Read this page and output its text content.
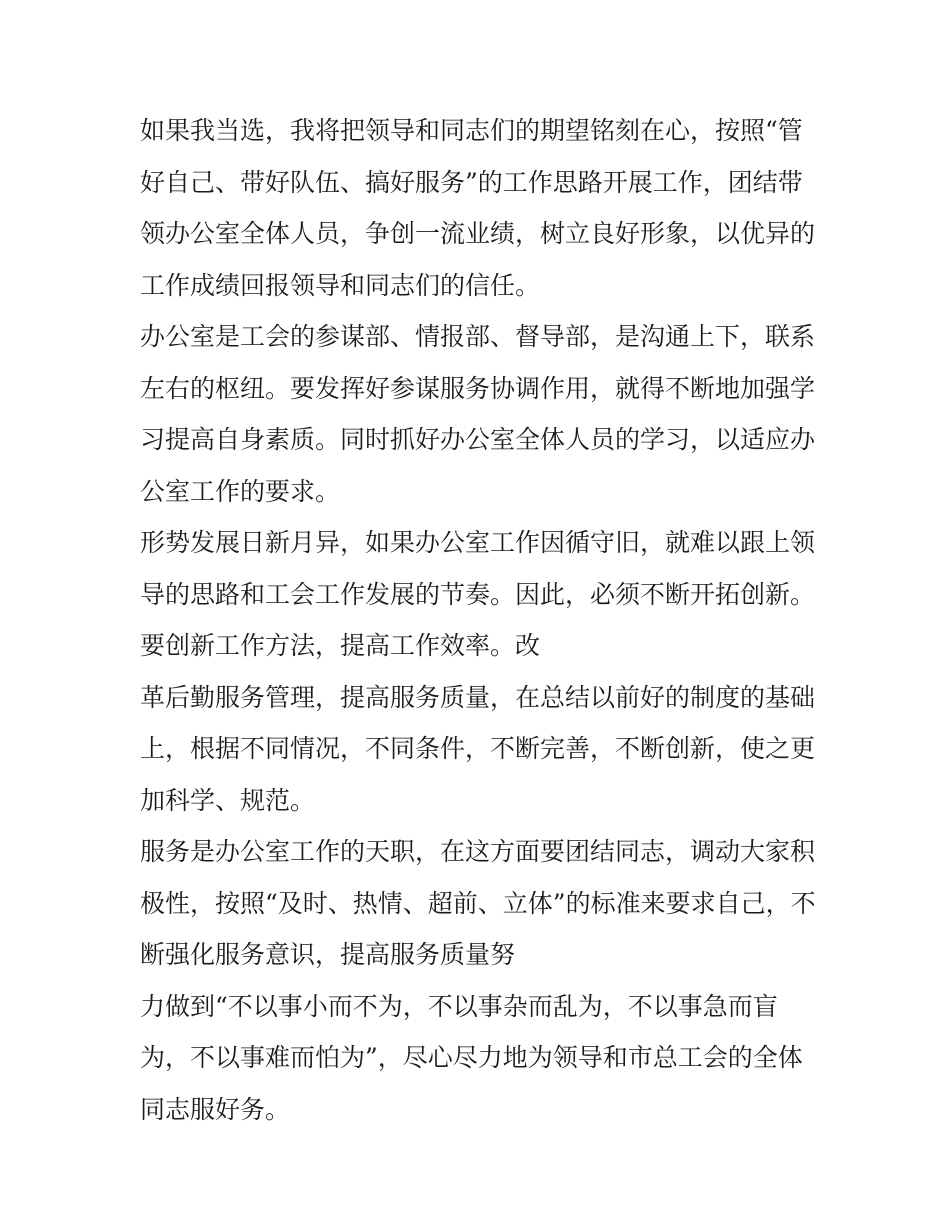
如果我当选，我将把领导和同志们的期望铭刻在心，按照“管
好自己、带好队伍、搞好服务”的工作思路开展工作，团结带
领办公室全体人员，争创一流业绩，树立良好形象，以优异的
工作成绩回报领导和同志们的信任。
办公室是工会的参谋部、情报部、督导部，是沟通上下，联系
左右的枢纽。要发挥好参谋服务协调作用，就得不断地加强学
习提高自身素质。同时抓好办公室全体人员的学习，以适应办
公室工作的要求。
形势发展日新月异，如果办公室工作因循守旧，就难以跟上领
导的思路和工会工作发展的节奏。因此，必须不断开拓创新。
要创新工作方法，提高工作效率。改
革后勤服务管理，提高服务质量，在总结以前好的制度的基础
上，根据不同情况，不同条件，不断完善，不断创新，使之更
加科学、规范。
服务是办公室工作的天职，在这方面要团结同志，调动大家积
极性，按照“及时、热情、超前、立体”的标准来要求自己，不
断强化服务意识，提高服务质量努
力做到“不以事小而不为，不以事杂而乱为，不以事急而盲
为，不以事难而怕为”，尽心尽力地为领导和市总工会的全体
同志服好务。
